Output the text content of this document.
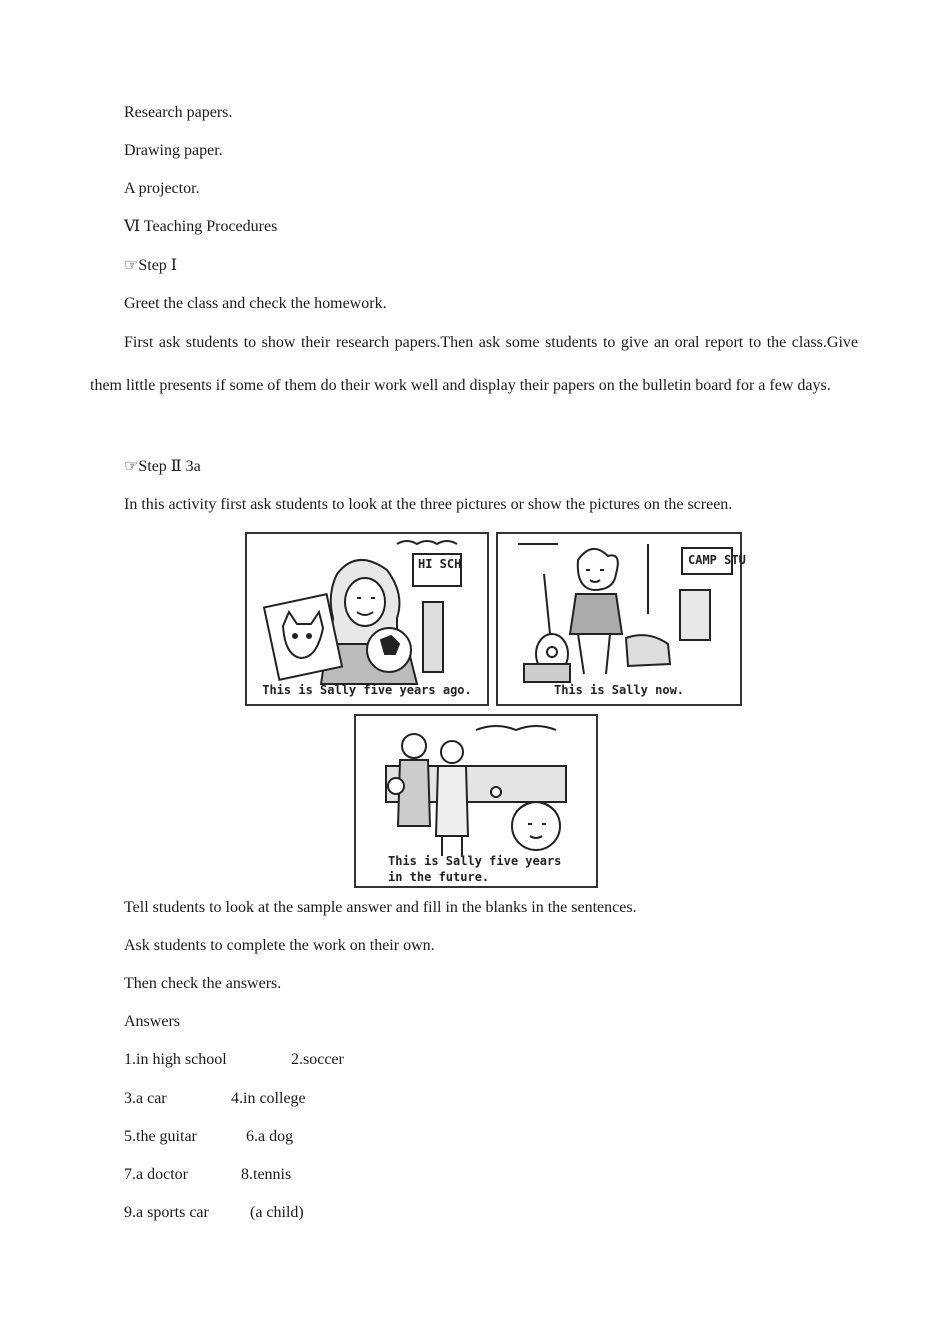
Research papers.
Drawing paper.
A projector.
Ⅵ Teaching Procedures
☞Step Ⅰ
Greet the class and check the homework.
First ask students to show their research papers.Then ask some students to give an oral report to the class.Give them little presents if some of them do their work well and display their papers on the bulletin board for a few days.
☞Step Ⅱ 3a
In this activity first ask students to look at the three pictures or show the pictures on the screen.
This is Sally five years ago.
HI SCH
This is Sally now.
CAMP STU
This is Sally five years
in the future.
Tell students to look at the sample answer and fill in the blanks in the sentences.
Ask students to complete the work on their own.
Then check the answers.
Answers
1.in high school	2.soccer
3.a car	4.in college
5.the guitar	6.a dog
7.a doctor	8.tennis
9.a sports car	(a child)
